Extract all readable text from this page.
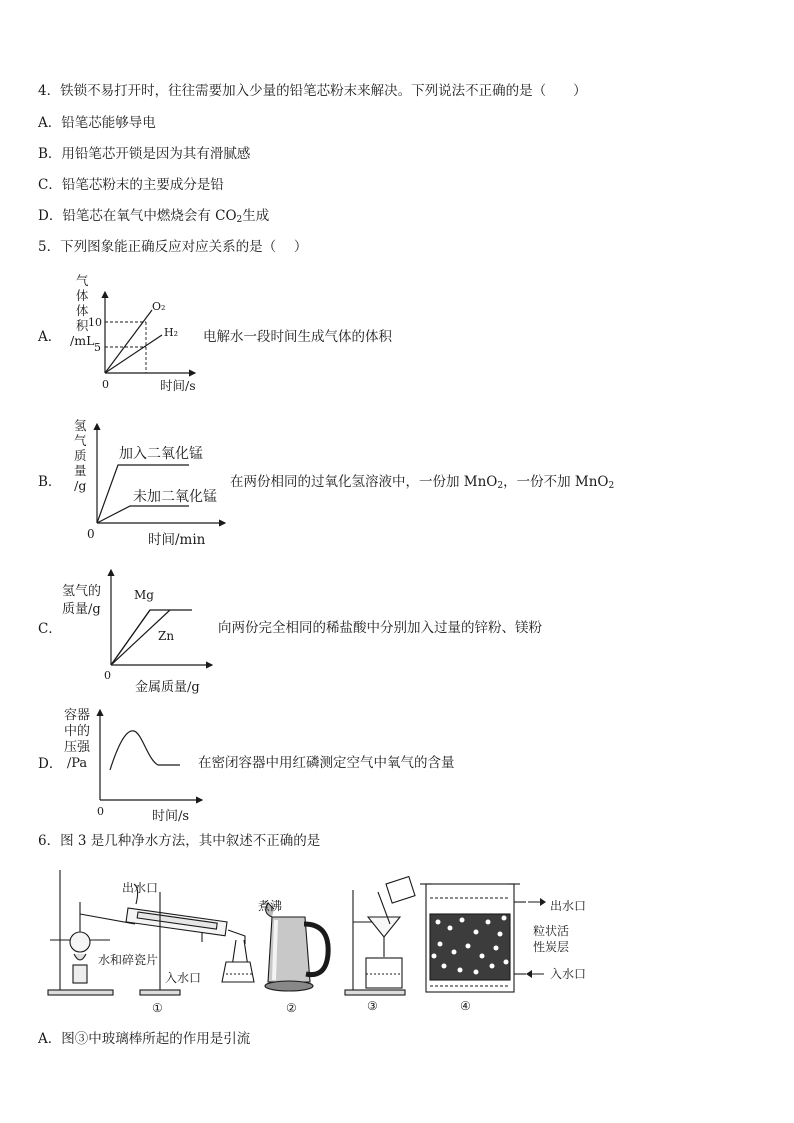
4．铁锁不易打开时，往往需要加入少量的铅笔芯粉末来解决。下列说法不正确的是（　　）
A．铅笔芯能够导电
B．用铅笔芯开锁是因为其有滑腻感
C．铅笔芯粉末的主要成分是铅
D．铅笔芯在氧气中燃烧会有 $CO_2$生成
5．下列图象能正确反应对应关系的是（　 ）
A．
气
体
体
积
/mL
10
5
0
O₂
H₂
时间/s
电解水一段时间生成气体的体积
B．
氢
气
质
量
/g
0
加入二氧化锰
未加二氧化锰
时间/min
在两份相同的过氧化氢溶液中，一份加 MnO$_2$，一份不加 MnO$_2$
C．
氢气的
质量/g
0
Mg
Zn
金属质量/g
向两份完全相同的稀盐酸中分别加入过量的锌粉、镁粉
D．
容器
中的
压强
/Pa
0	时间/s
在密闭容器中用红磷测定空气中氧气的含量
6．图 3 是几种净水方法，其中叙述不正确的是
出水口
水和碎瓷片
入水口
煮沸	出水口
粒状活
性炭层
入水口
①	②	③	④
A．图③中玻璃棒所起的作用是引流
